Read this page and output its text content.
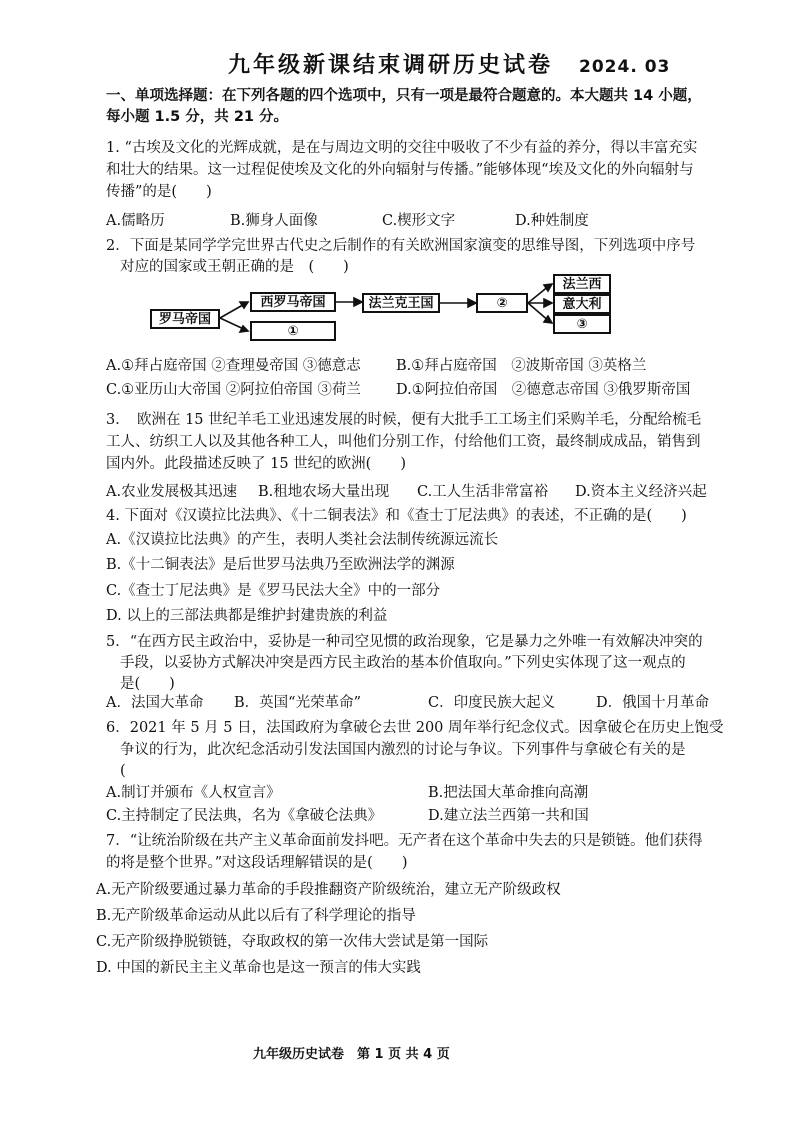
九年级新课结束调研历史试卷 2024. 03
一、单项选择题：在下列各题的四个选项中，只有一项是最符合题意的。本大题共 14 小题，
每小题 1.5 分，共 21 分。
1. “古埃及文化的光辉成就，是在与周边文明的交往中吸收了不少有益的养分，得以丰富充实
和壮大的结果。这一过程促使埃及文化的外向辐射与传播。”能够体现“埃及文化的外向辐射与
传播”的是(　　)
A.儒略历	B.狮身人面像	C.楔形文字	D.种姓制度
2．下面是某同学学完世界古代史之后制作的有关欧洲国家演变的思维导图，下列选项中序号
对应的国家或王朝正确的是　(　　)
罗马帝国
西罗马帝国
①
法兰克王国	②
法兰西
意大利
③
A.①拜占庭帝国 ②查理曼帝国 ③德意志 B.①拜占庭帝国　②波斯帝国 ③英格兰
C.①亚历山大帝国 ②阿拉伯帝国 ③荷兰 D.①阿拉伯帝国　②德意志帝国 ③俄罗斯帝国
3．　欧洲在 15 世纪羊毛工业迅速发展的时候，便有大批手工工场主们采购羊毛，分配给梳毛
工人、纺织工人以及其他各种工人，叫他们分别工作，付给他们工资，最终制成成品，销售到
国内外。此段描述反映了 15 世纪的欧洲(　　)
A.农业发展极其迅速 B.租地农场大量出现 C.工人生活非常富裕 D.资本主义经济兴起
4. 下面对《汉谟拉比法典》、《十二铜表法》和《查士丁尼法典》的表述，不正确的是(　　)
A.《汉谟拉比法典》的产生，表明人类社会法制传统源远流长
B.《十二铜表法》是后世罗马法典乃至欧洲法学的渊源
C.《查士丁尼法典》是《罗马民法大全》中的一部分
D. 以上的三部法典都是维护封建贵族的利益
5．“在西方民主政治中，妥协是一种司空见惯的政治现象，它是暴力之外唯一有效解决冲突的
手段，以妥协方式解决冲突是西方民主政治的基本价值取向。”下列史实体现了这一观点的
是(　　)
A．法国大革命 B．英国“光荣革命”	C．印度民族大起义	D．俄国十月革命
6．2021 年 5 月 5 日，法国政府为拿破仑去世 200 周年举行纪念仪式。因拿破仑在历史上饱受
争议的行为，此次纪念活动引发法国国内激烈的讨论与争议。下列事件与拿破仑有关的是
(
A.制订并颁布《人权宣言》	B.把法国大革命推向高潮
C.主持制定了民法典，名为《拿破仑法典》	D.建立法兰西第一共和国
7．“让统治阶级在共产主义革命面前发抖吧。无产者在这个革命中失去的只是锁链。他们获得
的将是整个世界。”对这段话理解错误的是(　　)
A.无产阶级要通过暴力革命的手段推翻资产阶级统治，建立无产阶级政权
B.无产阶级革命运动从此以后有了科学理论的指导
C.无产阶级挣脱锁链，夺取政权的第一次伟大尝试是第一国际
D. 中国的新民主主义革命也是这一预言的伟大实践
九年级历史试卷　第 1 页 共 4 页
